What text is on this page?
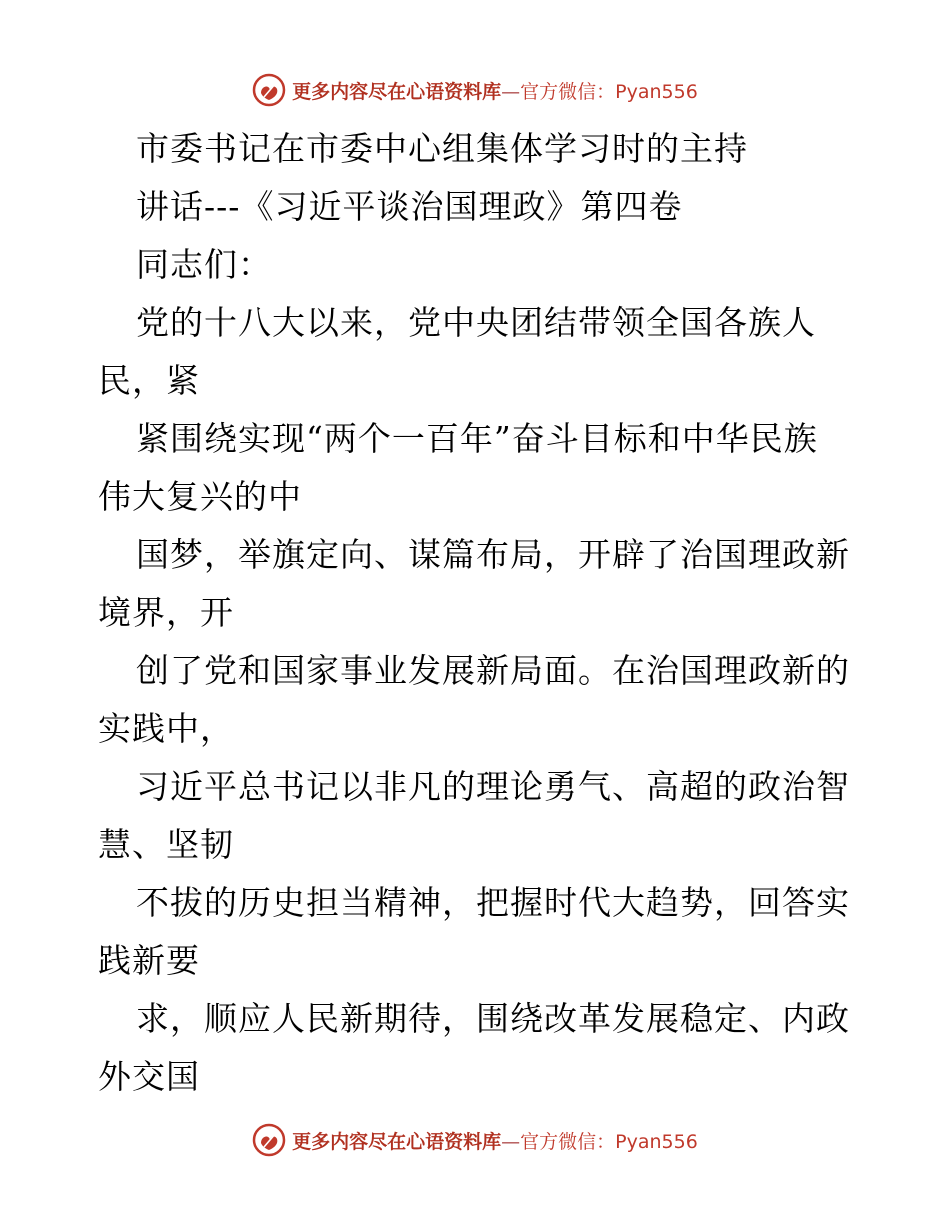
更多内容尽在心语资料库—官方微信：Pyan556
市委书记在市委中心组集体学习时的主持
讲话---《习近平谈治国理政》第四卷
同志们：
党的十八大以来，党中央团结带领全国各族人
民，紧
紧围绕实现“两个一百年”奋斗目标和中华民族
伟大复兴的中
国梦，举旗定向、谋篇布局，开辟了治国理政新
境界，开
创了党和国家事业发展新局面。在治国理政新的
实践中，
习近平总书记以非凡的理论勇气、高超的政治智
慧、坚韧
不拔的历史担当精神，把握时代大趋势，回答实
践新要
求，顺应人民新期待，围绕改革发展稳定、内政
外交国
更多内容尽在心语资料库—官方微信：Pyan556
